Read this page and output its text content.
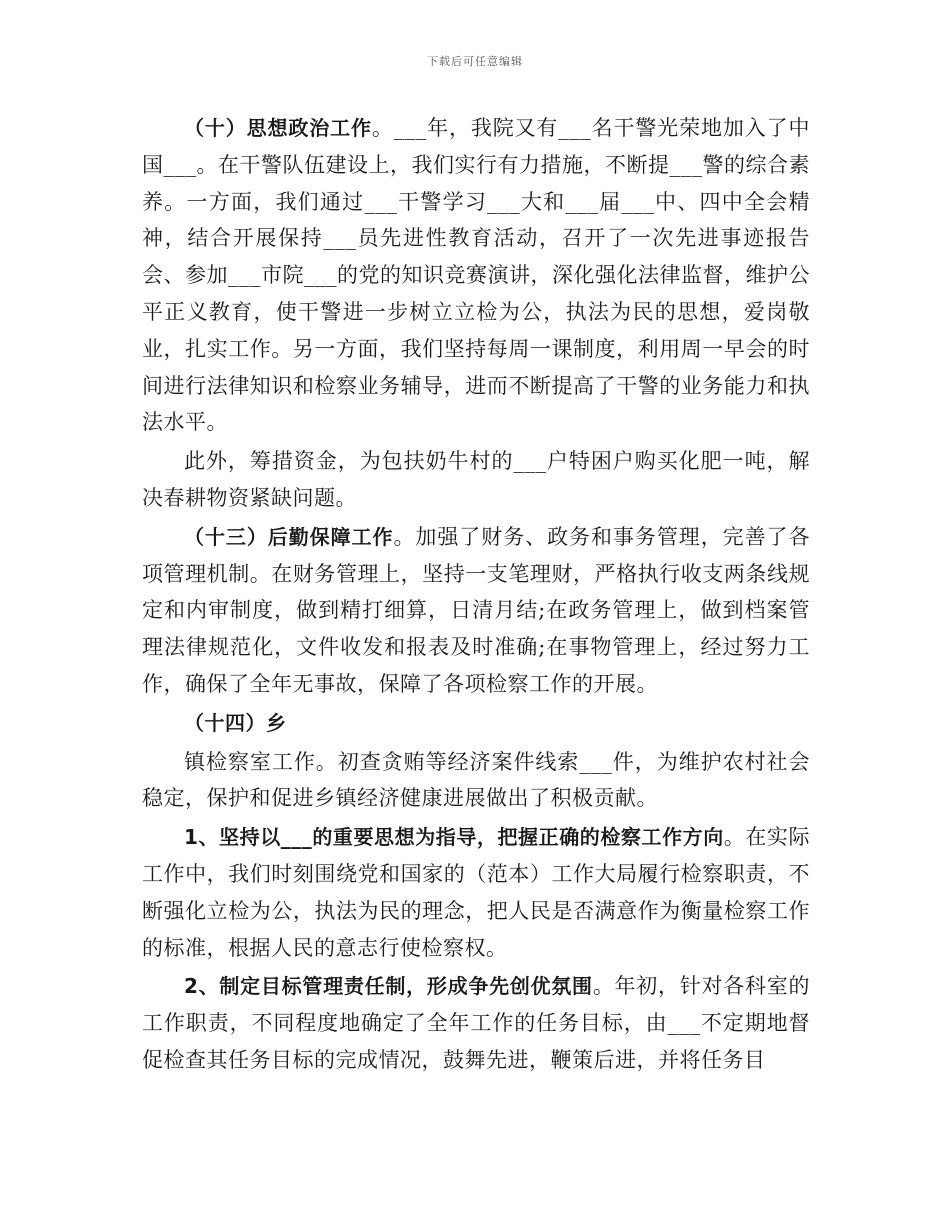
下载后可任意编辑

（十）思想政治工作。___年，我院又有___名干警光荣地加入了中国___。在干警队伍建设上，我们实行有力措施，不断提___警的综合素养。一方面，我们通过___干警学习___大和___届___中、四中全会精神，结合开展保持___员先进性教育活动，召开了一次先进事迹报告会、参加___市院___的党的知识竞赛演讲，深化强化法律监督，维护公平正义教育，使干警进一步树立立检为公，执法为民的思想，爱岗敬业，扎实工作。另一方面，我们坚持每周一课制度，利用周一早会的时间进行法律知识和检察业务辅导，进而不断提高了干警的业务能力和执法水平。

此外，筹措资金，为包扶奶牛村的___户特困户购买化肥一吨，解决春耕物资紧缺问题。

（十三）后勤保障工作。加强了财务、政务和事务管理，完善了各项管理机制。在财务管理上，坚持一支笔理财，严格执行收支两条线规定和内审制度，做到精打细算，日清月结;在政务管理上，做到档案管理法律规范化，文件收发和报表及时准确;在事物管理上，经过努力工作，确保了全年无事故，保障了各项检察工作的开展。

（十四）乡

镇检察室工作。初查贪贿等经济案件线索___件，为维护农村社会稳定，保护和促进乡镇经济健康进展做出了积极贡献。

1、坚持以___的重要思想为指导，把握正确的检察工作方向。在实际工作中，我们时刻围绕党和国家的（范本）工作大局履行检察职责，不断强化立检为公，执法为民的理念，把人民是否满意作为衡量检察工作的标准，根据人民的意志行使检察权。

2、制定目标管理责任制，形成争先创优氛围。年初，针对各科室的工作职责，不同程度地确定了全年工作的任务目标，由___不定期地督促检查其任务目标的完成情况，鼓舞先进，鞭策后进，并将任务目
